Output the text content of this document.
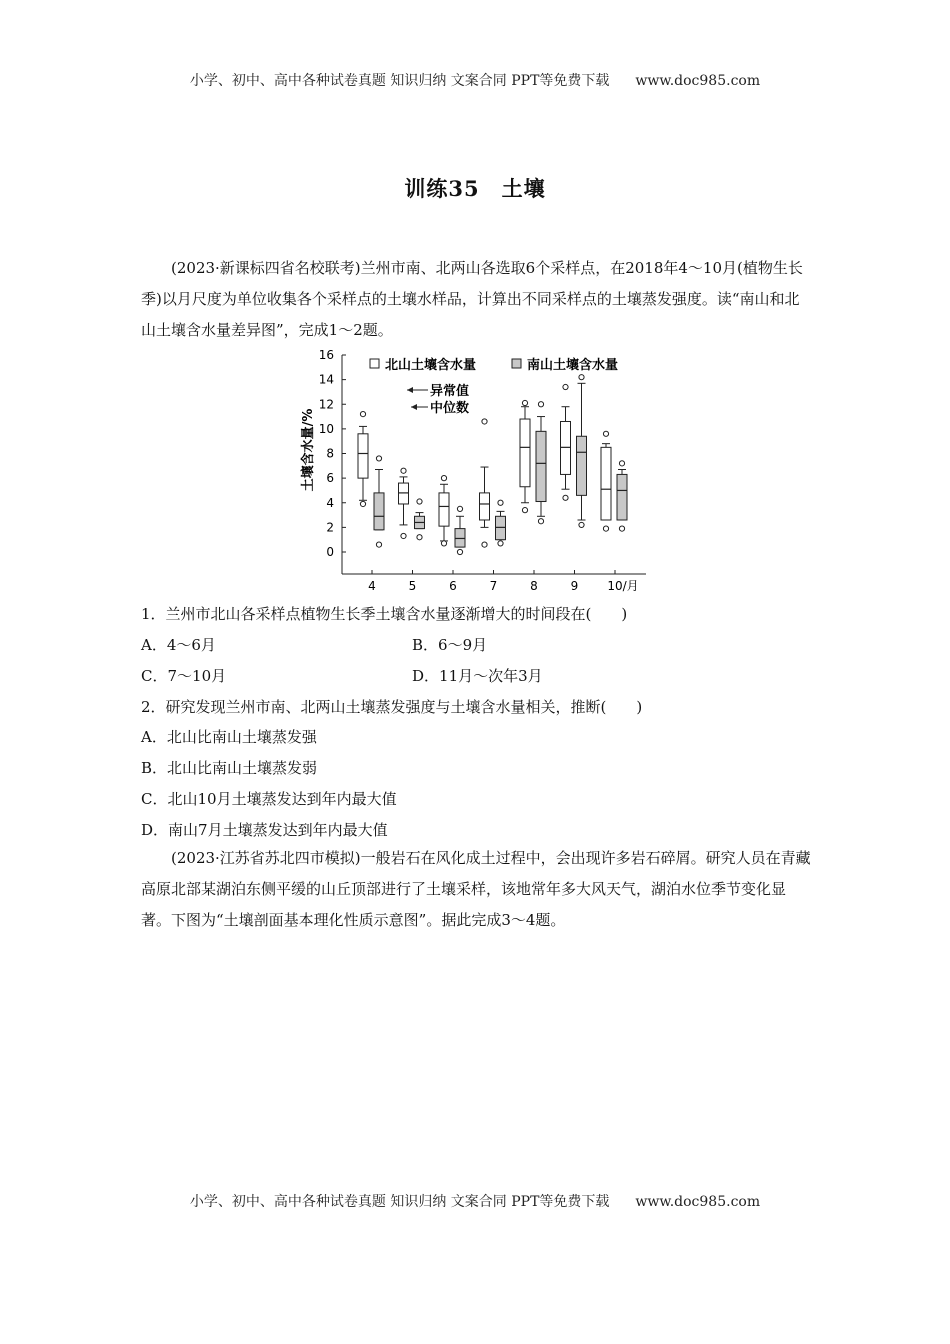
小学、初中、高中各种试卷真题 知识归纳 文案合同 PPT等免费下载 www.doc985.com
训练35　土壤

(2023·新课标四省名校联考)兰州市南、北两山各选取6个采样点，在2018年4～10月(植物生长季)以月尺度为单位收集各个采样点的土壤水样品，计算出不同采样点的土壤蒸发强度。读“南山和北山土壤含水量差异图”，完成1～2题。

0
2
4
6
8
10
12
14
16
4	5	6	7	8	9 10/月
土壤含水量/%
北山土壤含水量	南山土壤含水量
异常值
中位数
1．兰州市北山各采样点植物生长季土壤含水量逐渐增大的时间段在(　　)
A．4～6月	B．6～9月
C．7～10月	D．11月～次年3月
2．研究发现兰州市南、北两山土壤蒸发强度与土壤含水量相关，推断(　　)
A．北山比南山土壤蒸发强
B．北山比南山土壤蒸发弱
C．北山10月土壤蒸发达到年内最大值
D．南山7月土壤蒸发达到年内最大值

(2023·江苏省苏北四市模拟)一般岩石在风化成土过程中，会出现许多岩石碎屑。研究人员在青藏高原北部某湖泊东侧平缓的山丘顶部进行了土壤采样，该地常年多大风天气，湖泊水位季节变化显著。下图为“土壤剖面基本理化性质示意图”。据此完成3～4题。

小学、初中、高中各种试卷真题 知识归纳 文案合同 PPT等免费下载 www.doc985.com
